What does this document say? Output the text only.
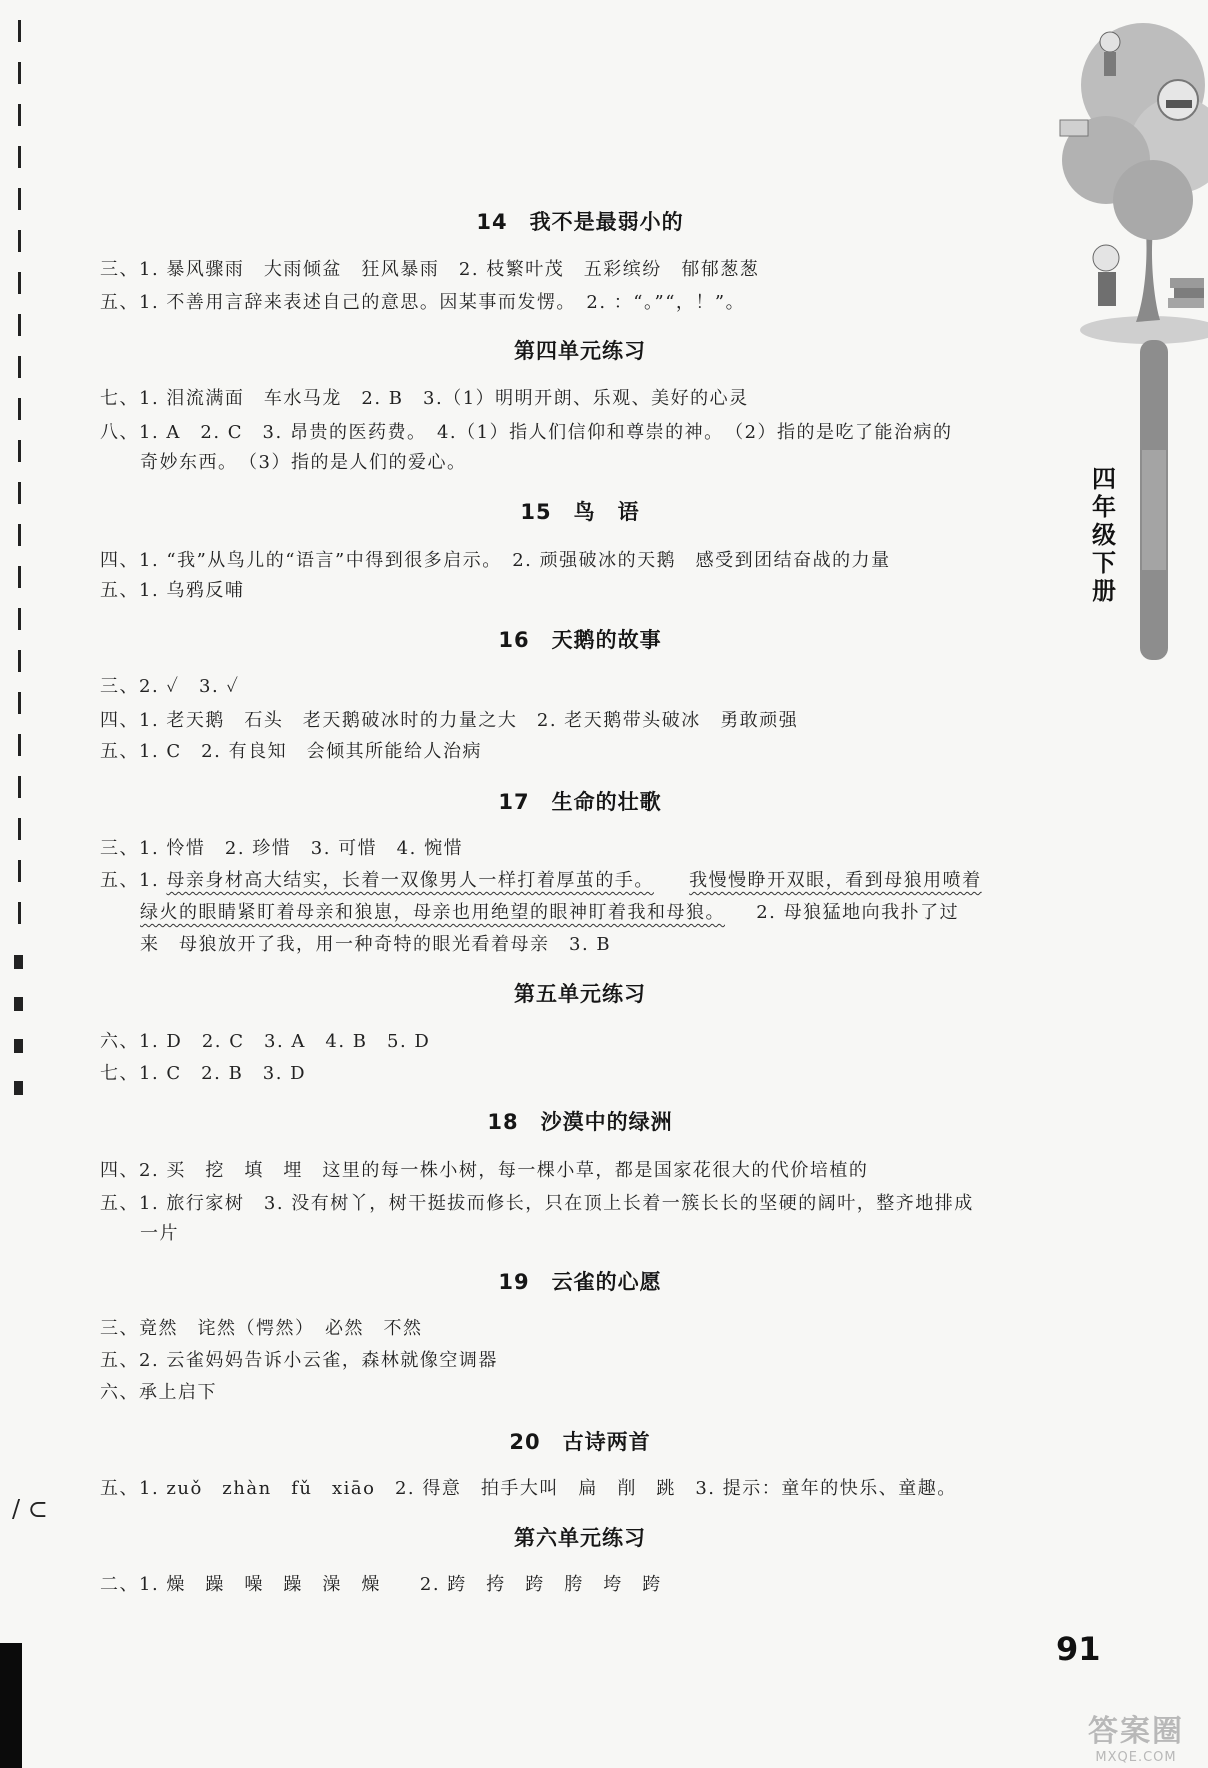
四年级下册
/ ⊂
14　我不是最弱小的
三、1. 暴风骤雨　大雨倾盆　狂风暴雨　2. 枝繁叶茂　五彩缤纷　郁郁葱葱
五、1. 不善用言辞来表述自己的意思。因某事而发愣。　2. ：“。”“，！”。
第四单元练习
七、1. 泪流满面　车水马龙　2. B　3.（1）明明开朗、乐观、美好的心灵
八、1. A　2. C　3. 昂贵的医药费。　4.（1）指人们信仰和尊崇的神。　（2）指的是吃了能治病的
奇妙东西。　（3）指的是人们的爱心。
15　鸟　语
四、1. “我”从鸟儿的“语言”中得到很多启示。　2. 顽强破冰的天鹅　感受到团结奋战的力量
五、1. 乌鸦反哺
16　天鹅的故事
三、2. ✓　3. ✓
四、1. 老天鹅　石头　老天鹅破冰时的力量之大　2. 老天鹅带头破冰　勇敢顽强
五、1. C　2. 有良知　会倾其所能给人治病
17　生命的壮歌
三、1. 怜惜　2. 珍惜　3. 可惜　4. 惋惜
五、1. 母亲身材高大结实，长着一双像男人一样打着厚茧的手。 我慢慢睁开双眼，看到母狼用喷着
绿火的眼睛紧盯着母亲和狼崽，母亲也用绝望的眼神盯着我和母狼。 2. 母狼猛地向我扑了过
来　母狼放开了我，用一种奇特的眼光看着母亲　3. B
第五单元练习
六、1. D　2. C　3. A　4. B　5. D
七、1. C　2. B　3. D
18　沙漠中的绿洲
四、2. 买　挖　填　埋　这里的每一株小树，每一棵小草，都是国家花很大的代价培植的
五、1. 旅行家树　3. 没有树丫，树干挺拔而修长，只在顶上长着一簇长长的坚硬的阔叶，整齐地排成
一片
19　云雀的心愿
三、竟然　诧然（愕然）　必然　不然
五、2. 云雀妈妈告诉小云雀，森林就像空调器
六、承上启下
20　古诗两首
五、1. zuǒ　zhàn　fǔ　xiāo　2. 得意　拍手大叫　扁　削　跳　3. 提示：童年的快乐、童趣。
第六单元练习
二、1. 燥　躁　噪　躁　澡　燥　　2. 跨　挎　跨　胯　垮　跨
91
答案圈
MXQE.COM
